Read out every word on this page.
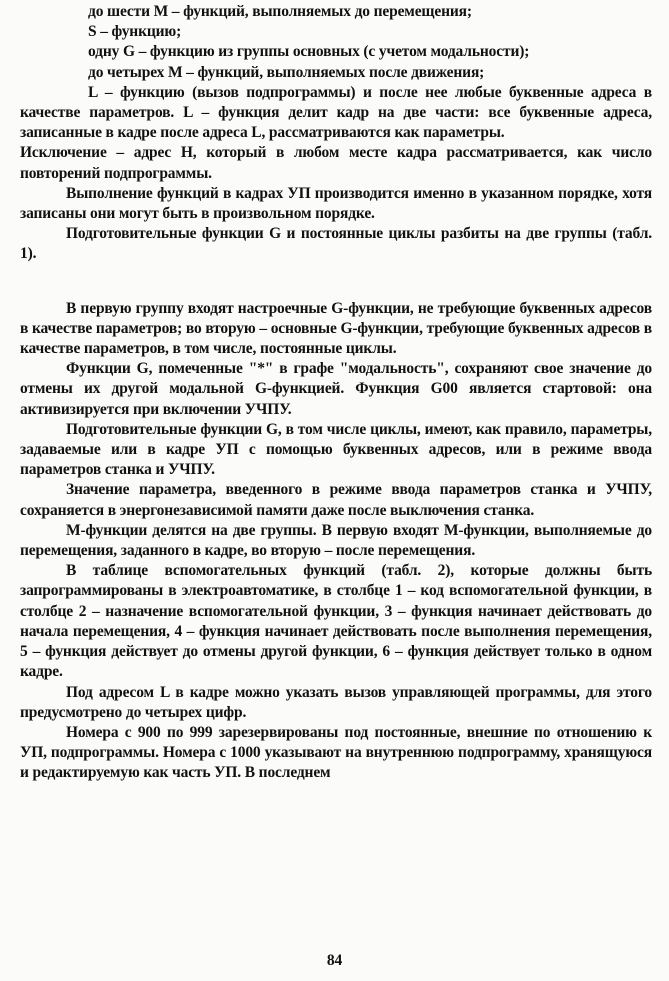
до шести М – функций, выполняемых до перемещения;

S – функцию;

одну G – функцию из группы основных (с учетом модальности);

до четырех М – функций, выполняемых после движения;

L – функцию (вызов подпрограммы) и после нее любые буквенные адреса в качестве параметров. L – функция делит кадр на две части: все буквенные адреса, записанные в кадре после адреса L, рассматриваются как параметры.

Исключение – адрес Н, который в любом месте кадра рассматривается, как число повторений подпрограммы.

Выполнение функций в кадрах УП производится именно в указанном порядке, хотя записаны они могут быть в произвольном порядке.

Подготовительные функции G и постоянные циклы разбиты на две группы (табл. 1).

В первую группу входят настроечные G-функции, не требующие буквенных адресов в качестве параметров; во вторую – основные G-функции, требующие буквенных адресов в качестве параметров, в том числе, постоянные циклы.

Функции G, помеченные "*" в графе "модальность", сохраняют свое значение до отмены их другой модальной G-функцией. Функция G00 является стартовой: она активизируется при включении УЧПУ.

Подготовительные функции G, в том числе циклы, имеют, как правило, параметры, задаваемые или в кадре УП с помощью буквенных адресов, или в режиме ввода параметров станка и УЧПУ.

Значение параметра, введенного в режиме ввода параметров станка и УЧПУ, сохраняется в энергонезависимой памяти даже после выключения станка.

М-функции делятся на две группы. В первую входят М-функции, выполняемые до перемещения, заданного в кадре, во вторую – после перемещения.

В таблице вспомогательных функций (табл. 2), которые должны быть запрограммированы в электроавтоматике, в столбце 1 – код вспомогательной функции, в столбце 2 – назначение вспомогательной функции, 3 – функция начинает действовать до начала перемещения, 4 – функция начинает действовать после выполнения перемещения, 5 – функция действует до отмены другой функции, 6 – функция действует только в одном кадре.

Под адресом L в кадре можно указать вызов управляющей программы, для этого предусмотрено до четырех цифр.

Номера с 900 по 999 зарезервированы под постоянные, внешние по отношению к УП, подпрограммы. Номера с 1000 указывают на внутреннюю подпрограмму, хранящуюся и редактируемую как часть УП. В последнем

84
